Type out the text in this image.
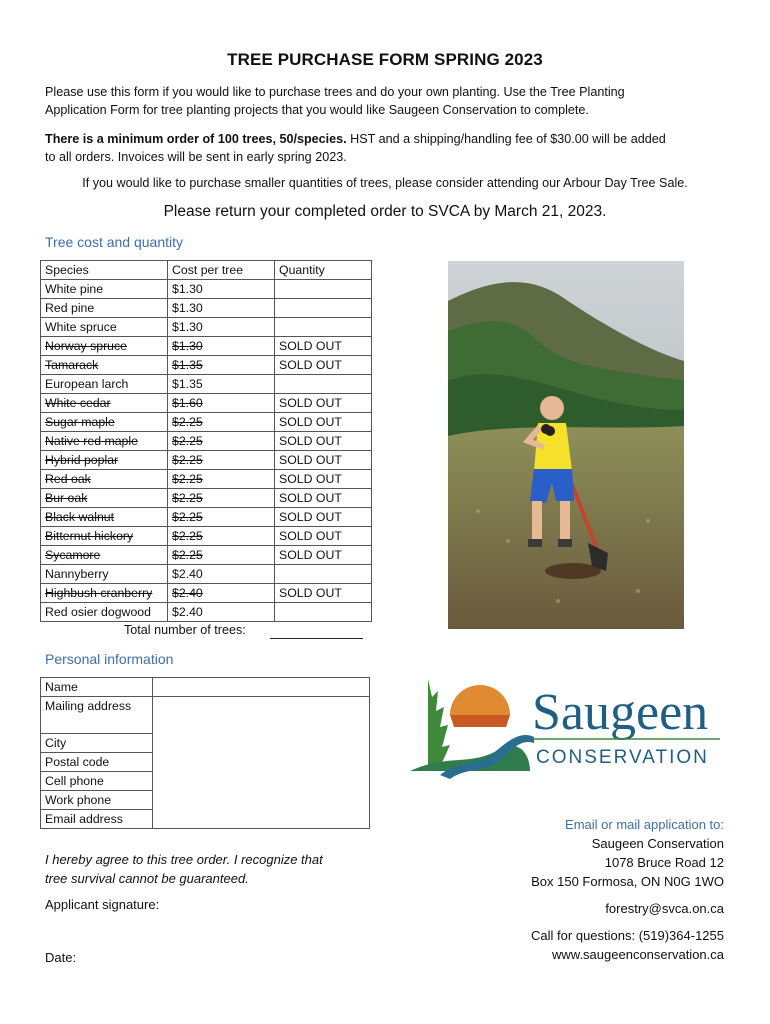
TREE PURCHASE FORM SPRING 2023
Please use this form if you would like to purchase trees and do your own planting. Use the Tree Planting
Application Form for tree planting projects that you would like Saugeen Conservation to complete.
There is a minimum order of 100 trees, 50/species. HST and a shipping/handling fee of $30.00 will be added
to all orders. Invoices will be sent in early spring 2023.
If you would like to purchase smaller quantities of trees, please consider attending our Arbour Day Tree Sale.
Please return your completed order to SVCA by March 21, 2023.
Tree cost and quantity
Species	Cost per tree	Quantity
White pine	$1.30	
Red pine	$1.30	
White spruce	$1.30	
Norway spruce	$1.30	SOLD OUT
Tamarack	$1.35	SOLD OUT
European larch	$1.35	
White cedar	$1.60	SOLD OUT
Sugar maple	$2.25	SOLD OUT
Native red maple	$2.25	SOLD OUT
Hybrid poplar	$2.25	SOLD OUT
Red oak	$2.25	SOLD OUT
Bur oak	$2.25	SOLD OUT
Black walnut	$2.25	SOLD OUT
Bitternut hickory	$2.25	SOLD OUT
Sycamore	$2.25	SOLD OUT
Nannyberry	$2.40	
Highbush cranberry	$2.40	SOLD OUT
Red osier dogwood	$2.40	
Total number of trees:
Personal information
Name	
Mailing address	
City	
Postal code	
Cell phone	
Work phone	
Email address	
Saugeen
CONSERVATION
Email or mail application to:
Saugeen Conservation
1078 Bruce Road 12
Box 150 Formosa, ON N0G 1WO
forestry@svca.on.ca
Call for questions: (519)364-1255
www.saugeenconservation.ca
I hereby agree to this tree order. I recognize that
tree survival cannot be guaranteed.
Applicant signature:
Date:
